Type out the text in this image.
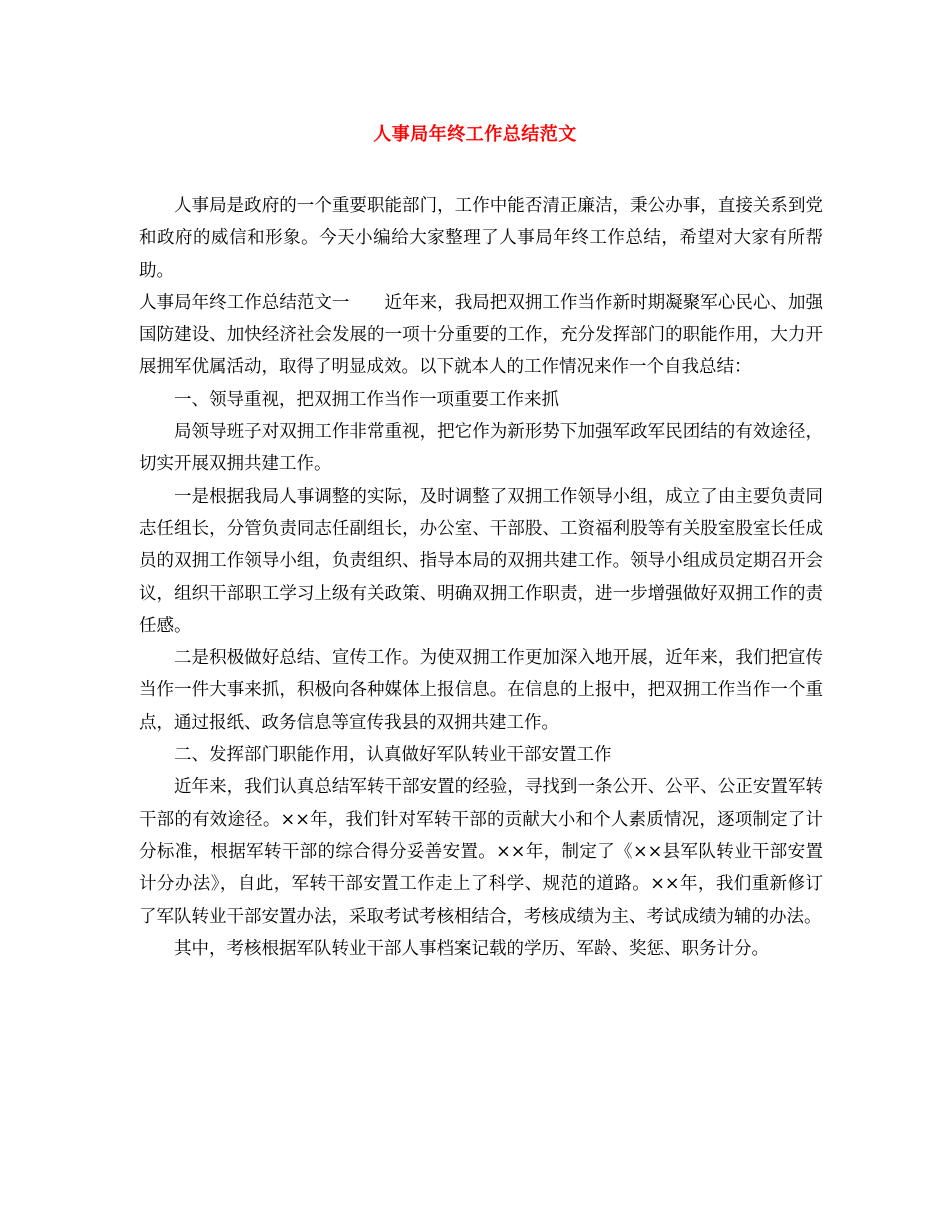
人事局年终工作总结范文

人事局是政府的一个重要职能部门，工作中能否清正廉洁，秉公办事，直接关系到党和政府的威信和形象。今天小编给大家整理了人事局年终工作总结，希望对大家有所帮助。

人事局年终工作总结范文一　　近年来，我局把双拥工作当作新时期凝聚军心民心、加强国防建设、加快经济社会发展的一项十分重要的工作，充分发挥部门的职能作用，大力开展拥军优属活动，取得了明显成效。以下就本人的工作情况来作一个自我总结：

一、领导重视，把双拥工作当作一项重要工作来抓

局领导班子对双拥工作非常重视，把它作为新形势下加强军政军民团结的有效途径，切实开展双拥共建工作。

一是根据我局人事调整的实际，及时调整了双拥工作领导小组，成立了由主要负责同志任组长，分管负责同志任副组长，办公室、干部股、工资福利股等有关股室股室长任成员的双拥工作领导小组，负责组织、指导本局的双拥共建工作。领导小组成员定期召开会议，组织干部职工学习上级有关政策、明确双拥工作职责，进一步增强做好双拥工作的责任感。

二是积极做好总结、宣传工作。为使双拥工作更加深入地开展，近年来，我们把宣传当作一件大事来抓，积极向各种媒体上报信息。在信息的上报中，把双拥工作当作一个重点，通过报纸、政务信息等宣传我县的双拥共建工作。

二、发挥部门职能作用，认真做好军队转业干部安置工作

近年来，我们认真总结军转干部安置的经验，寻找到一条公开、公平、公正安置军转干部的有效途径。××年，我们针对军转干部的贡献大小和个人素质情况，逐项制定了计分标准，根据军转干部的综合得分妥善安置。××年，制定了《××县军队转业干部安置计分办法》，自此，军转干部安置工作走上了科学、规范的道路。××年，我们重新修订了军队转业干部安置办法，采取考试考核相结合，考核成绩为主、考试成绩为辅的办法。

其中，考核根据军队转业干部人事档案记载的学历、军龄、奖惩、职务计分。
